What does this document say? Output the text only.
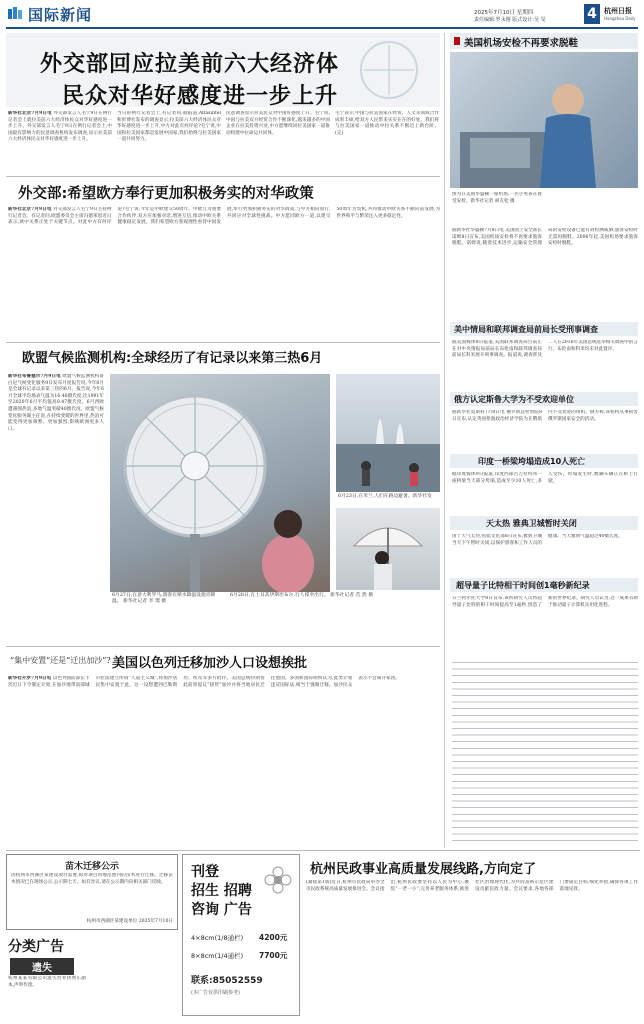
国际新闻	2025年7月10日 星期四
责任编辑:罗永刚 版式设计:吴 旻	4	杭州日报
Hangzhou Daily
外交部回应拉美前六大经济体
民众对华好感度进一步上升
新华社北京7月9日电 外交部发言人毛宁9日在例行记者会上就拉美前六大经济体民众对华好感度进一步上升、外交部发言人毛宁9日在例行记者会上,中国最有影响力的民意调查机构发布调查,显示拉美前六大经济体民众对华好感度进一步上升。
当日的例行记者会上,有记者问,据报道,Atlasintel和彭博社发布的调查显示,拉美前六大经济体民众对华好感度进一步上升,中方对此有何评论?毛宁说,中国和拉美国家都是发展中国家,我们始终与拉美国家一道共同努力。
民意调查显示拉美民众对中国好感度上升。毛宁说,中国与拉美双方经贸合作不断深化,越来越多的中国企业在拉美投资兴业,中方愿继续同拉美国家一道推动构建中拉命运共同体。
毛宁表示,中国与拉美国家在经贸、人文等领域合作成果丰硕,给双方人民带来实实在在的好处。我们将与拉美国家一道推动中拉关系不断迈上新台阶。(完)
外交部:希望欧方奉行更加积极务实的对华政策
新华社北京7月9日电 外交部发言人毛宁9日主持例行记者会。有记者问,欧盟委员会主席冯德莱恩近日表示,欧中关系正处于关键节点。对此中方有何评论?毛宁说,今年是中欧建交50周年。中欧互为重要合作伙伴,双方应加强对话,增进互信,推动中欧关系健康稳定发展。我们希望欧方客观理性看待中国发展,奉行更加积极务实的对华政策,与中方相向而行,共同应对全球性挑战。中方愿同欧方一道,以建交50周年为契机,共同推动中欧关系不断向前发展,为世界和平与繁荣注入更多稳定性。
欧盟气候监测机构:全球经历了有记录以来第三热6月
新华社布鲁塞尔7月9日电 欧盟气候监测机构哥白尼气候变化服务9日发布月度报告说,今年6月是全球有记录以来第三热的6月。报告说,今年6月全球平均地表气温为16.46摄氏度,比1991年至2020年6月平均值高0.47摄氏度。6月西欧遭遇强热浪,多地气温突破40摄氏度。欧盟气候变化服务副主任说,在持续变暖的世界里,热浪可能变得更加频繁、更加强烈,影响欧洲更多人口。
6月27日,在意大利罗马,游客在喷水降温设施旁降温。 新华社记者 李 璟 摄
6月23日,在米兰,人们在路边避暑。新华社发
6月28日,在土耳其伊斯坦布尔,行人撑伞出行。 新华社记者 荒 然 摄
“集中安置”还是“迁出加沙”? 美国以色列迁移加沙人口设想挨批
新华社开罗7月9日电 以色列国防部长卡茨近日下令制定计划,在加沙地带南部城市拉法建立所谓“人道主义城”,将加沙居民集中安置于此。这一设想遭到巴勒斯坦、埃及等多方批评。美国总统特朗普此前曾提议“接管”加沙并将当地居民迁往他国。多国和国际组织认为,此类计划违反国际法,相当于强制迁移。加沙民众表示不会离开家园。
苗木迁移公示
因杭州市西湖区某建设项目需要,拟对项目用地范围内的苗木进行迁移。迁移苗木情况已在现场公示,公示期七天。如有异议,请在公示期内向相关部门反映。
杭州市西湖区某建设单位 2025年7月10日
分类广告
遗失
杭州某某有限公司遗失营业执照正副本,声明作废。
刊登
招生 招聘
咨询 广告
4×8cm(1/8通栏) 4200元
8×8cm(1/4通栏) 7700元
联系:85052559
(本广告仅供印刷参考)
杭州民政事业高质量发展线路,方向定了
(紧接第1版)近日,杭州市民政局举办全市民政系统高质量发展推进会。会议指出,杭州民政要坚持以人民为中心,聚焦“一老一小”,完善养老服务体系,推进社区治理现代化,为共同富裕示范区建设贡献民政力量。会议要求,各地各部门要锚定目标,细化举措,确保各项工作落地见效。
美国机场安检不再要求脱鞋
图为在美国华盛顿一座机场,一名小男孩在接受安检。新华社记者 胡友松 摄
据新华社华盛顿7月8日电 美国国土安全部长诺姆8日宣布,美国机场安检将不再要求旅客脱鞋。诺姆说,随着技术进步,运输安全管理局的安检设备已能有效检测威胁,旅客安检时无需再脱鞋。2006年起,美国机场要求旅客安检时脱鞋。
美中情局和联邦调查局前局长受刑事调查
据美国媒体8日报道,美国联邦调查局目前正在对中央情报局前局长布伦南和联邦调查局前局长科米展开刑事调查。报道说,调查涉及二人在2016年美国总统选举相关调查中的言行。布伦南和科米均未对此置评。
俄方认定斯鲁大学为不受欢迎单位
据新华社莫斯科7月8日电 俄罗斯总检察院8日宣布,认定英国伦敦政治经济学院为在俄境内不受欢迎的组织。俄方称,该机构从事损害俄罗斯国家安全的活动。
印度一桥梁垮塌造成10人死亡
据印度媒体9日报道,印度西部古吉拉特邦一座桥梁当天部分垮塌,造成至少10人死亡,多人受伤。垮塌发生时,数辆车辆正在桥上行驶。
天太热 雅典卫城暂时关闭
由于天气太热,希腊文化部8日宣布,雅典卫城当天下午暂时关闭,以保护游客和工作人员的健康。当天雅典气温超过40摄氏度。
超导量子比特相干时间创1毫秒新纪录
芬兰阿尔托大学8日宣布,该校研究人员将超导量子比特的相干时间提高至1毫秒,创造了新的世界纪录。研究人员认为,这一成果有助于推动量子计算机实用化进程。
